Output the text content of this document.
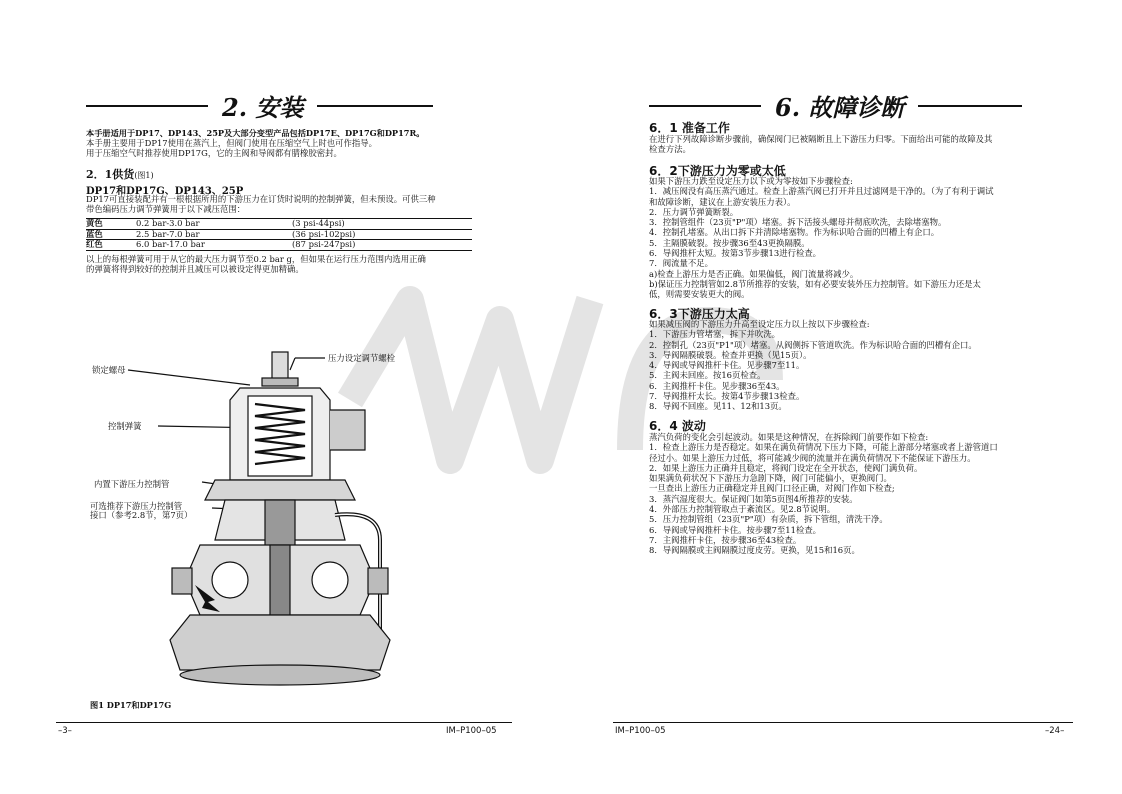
2. 安装
本手册适用于DP17、DP143、25P及大部分变型产品包括DP17E、DP17G和DP17R。
本手册主要用于DP17使用在蒸汽上，但阀门使用在压缩空气上时也可作指导。
用于压缩空气时推荐使用DP17G，它的主阀和导阀都有腈橡胶密封。
2．1供货(图1)
DP17和DP17G、DP143、25P
DP17可直接装配并有一根根据所用的下游压力在订货时说明的控制弹簧，但未预设。可供三种
带色编码压力调节弹簧用于以下减压范围：
黄色	0.2 bar-3.0 bar	(3 psi-44psi)
蓝色	2.5 bar-7.0 bar	(36 psi-102psi)
红色	6.0 bar-17.0 bar	(87 psi-247psi)
以上的每根弹簧可用于从它的最大压力调节至0.2 bar g，但如果在运行压力范围内选用正确
的弹簧将得到较好的控制并且减压可以被设定得更加精确。
压力设定调节螺栓
锁定螺母
控制弹簧
内置下游压力控制管
可选推荐下游压力控制管
接口（参考2.8节，第7页）
图1 DP17和DP17G
–3–	IM–P100–05
6. 故障诊断
6．1 准备工作
在进行下列故障诊断步骤前，确保阀门已被隔断且上下游压力归零。下面给出可能的故障及其
检查方法。
6．2下游压力为零或太低
如果下游压力跌至设定压力以下或为零按如下步骤检查:
1．减压阀没有高压蒸汽通过。检查上游蒸汽阀已打开并且过滤网是干净的。（为了有利于调试
和故障诊断，建议在上游安装压力表）。
2．压力调节弹簧断裂。
3．控制管组件（23页"P"项）堵塞。拆下活接头螺母并彻底吹洗，去除堵塞物。
4．控制孔堵塞。从出口拆下并清除堵塞物。作为标识哈合面的凹槽上有企口。
5．主隔膜破裂。按步骤36至43更换隔膜。
6．导阀推杆太短。按第3节步骤13进行检查。
7．阀流量不足。
a)检查上游压力是否正确。如果偏低，阀门流量将减少。
b)保证压力控制管如2.8节所推荐的安装，如有必要安装外压力控制管。如下游压力还是太
低，则需要安装更大的阀。
6．3下游压力太高
如果减压阀的下游压力升高至设定压力以上按以下步骤检查:
1．下游压力管堵塞，拆下并吹洗。
2．控制孔（23页"P1"项）堵塞。从阀侧拆下管道吹洗。作为标识哈合面的凹槽有企口。
3．导阀隔膜破裂。检查并更换（见15页）。
4．导阀或导阀推杆卡住。见步骤7至11。
5．主阀未回座。按16页检查。
6．主阀推杆卡住。见步骤36至43。
7．导阀推杆太长。按第4节步骤13检查。
8．导阀不回座。见11、12和13页。
6．4 波动
蒸汽负荷的变化会引起波动。如果是这种情况，在拆除阀门前要作如下检查:
1．检查上游压力是否稳定。如果在满负荷情况下压力下降，可能上游部分堵塞或者上游管道口
径过小。如果上游压力过低，将可能减少阀的流量并在满负荷情况下不能保证下游压力。
2．如果上游压力正确并且稳定，将阀门设定在全开状态，使阀门满负荷。
如果满负荷状况下下游压力急剧下降，阀门可能偏小，更换阀门。
一旦查出上游压力正确稳定并且阀门口径正确，对阀门作如下检查;
3．蒸汽湿度很大。保证阀门如第5页图4所推荐的安装。
4．外部压力控制管取点于紊流区。见2.8节说明。
5．压力控制管组（23页"P"项）有杂质，拆下管组，清洗干净。
6．导阀或导阀推杆卡住。按步骤7至11检查。
7．主阀推杆卡住，按步骤36至43检查。
8．导阀隔膜或主阀隔膜过度皮劳。更换，见15和16页。
IM–P100–05	–24–
